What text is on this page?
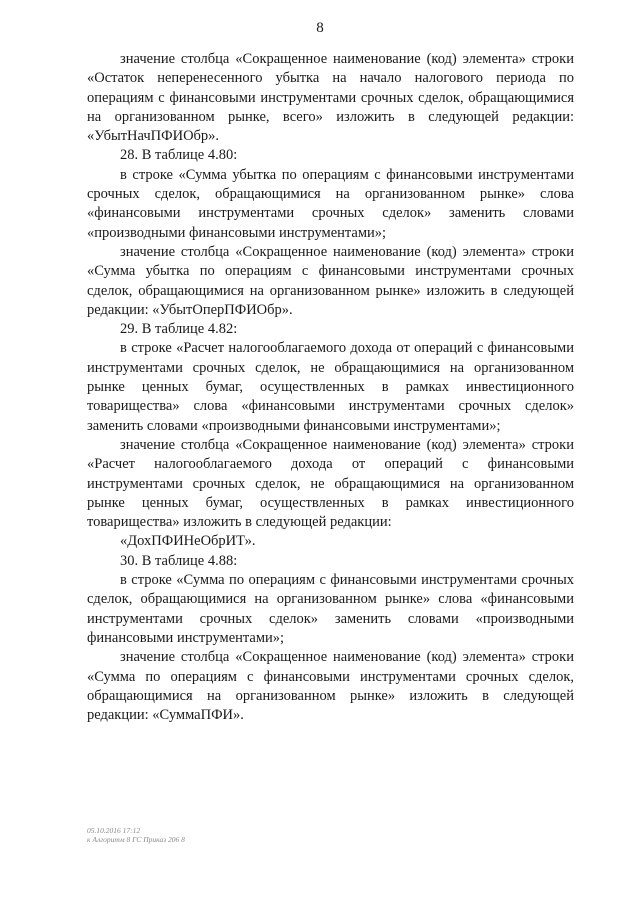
8

значение столбца «Сокращенное наименование (код) элемента» строки «Остаток неперенесенного убытка на начало налогового периода по операциям с финансовыми инструментами срочных сделок, обращающимися на организованном рынке, всего» изложить в следующей редакции: «УбытНачПФИОбр».

28. В таблице 4.80:

в строке «Сумма убытка по операциям с финансовыми инструментами срочных сделок, обращающимися на организованном рынке» слова «финансовыми инструментами срочных сделок» заменить словами «производными финансовыми инструментами»;

значение столбца «Сокращенное наименование (код) элемента» строки «Сумма убытка по операциям с финансовыми инструментами срочных сделок, обращающимися на организованном рынке» изложить в следующей редакции: «УбытОперПФИОбр».

29. В таблице 4.82:

в строке «Расчет налогооблагаемого дохода от операций с финансовыми инструментами срочных сделок, не обращающимися на организованном рынке ценных бумаг, осуществленных в рамках инвестиционного товарищества» слова «финансовыми инструментами срочных сделок» заменить словами «производными финансовыми инструментами»;

значение столбца «Сокращенное наименование (код) элемента» строки «Расчет налогооблагаемого дохода от операций с финансовыми инструментами срочных сделок, не обращающимися на организованном рынке ценных бумаг, осуществленных в рамках инвестиционного товарищества» изложить в следующей редакции:

«ДохПФИНеОбрИТ».

30. В таблице 4.88:

в строке «Сумма по операциям с финансовыми инструментами срочных сделок, обращающимися на организованном рынке» слова «финансовыми инструментами срочных сделок» заменить словами «производными финансовыми инструментами»;

значение столбца «Сокращенное наименование (код) элемента» строки «Сумма по операциям с финансовыми инструментами срочных сделок, обращающимися на организованном рынке» изложить в следующей редакции: «СуммаПФИ».

05.10.2016 17:12
к Алгоритм 8 ГС Приказ 206 8
